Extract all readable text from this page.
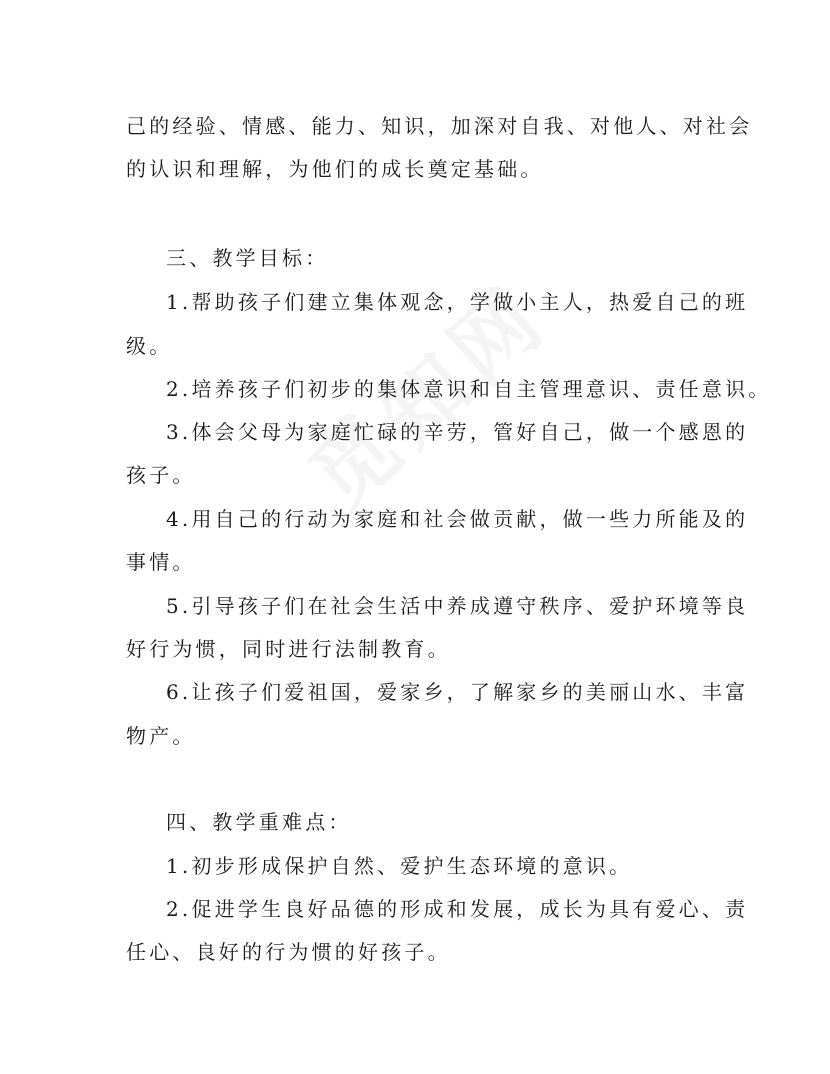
己的经验、情感、能力、知识，加深对自我、对他人、对社会
的认识和理解，为他们的成长奠定基础。
三、教学目标：
1.帮助孩子们建立集体观念，学做小主人，热爱自己的班
级。
2.培养孩子们初步的集体意识和自主管理意识、责任意识。
3.体会父母为家庭忙碌的辛劳，管好自己，做一个感恩的
孩子。
4.用自己的行动为家庭和社会做贡献，做一些力所能及的
事情。
5.引导孩子们在社会生活中养成遵守秩序、爱护环境等良
好行为惯，同时进行法制教育。
6.让孩子们爱祖国，爱家乡，了解家乡的美丽山水、丰富
物产。
四、教学重难点：
1.初步形成保护自然、爱护生态环境的意识。
2.促进学生良好品德的形成和发展，成长为具有爱心、责
任心、良好的行为惯的好孩子。
